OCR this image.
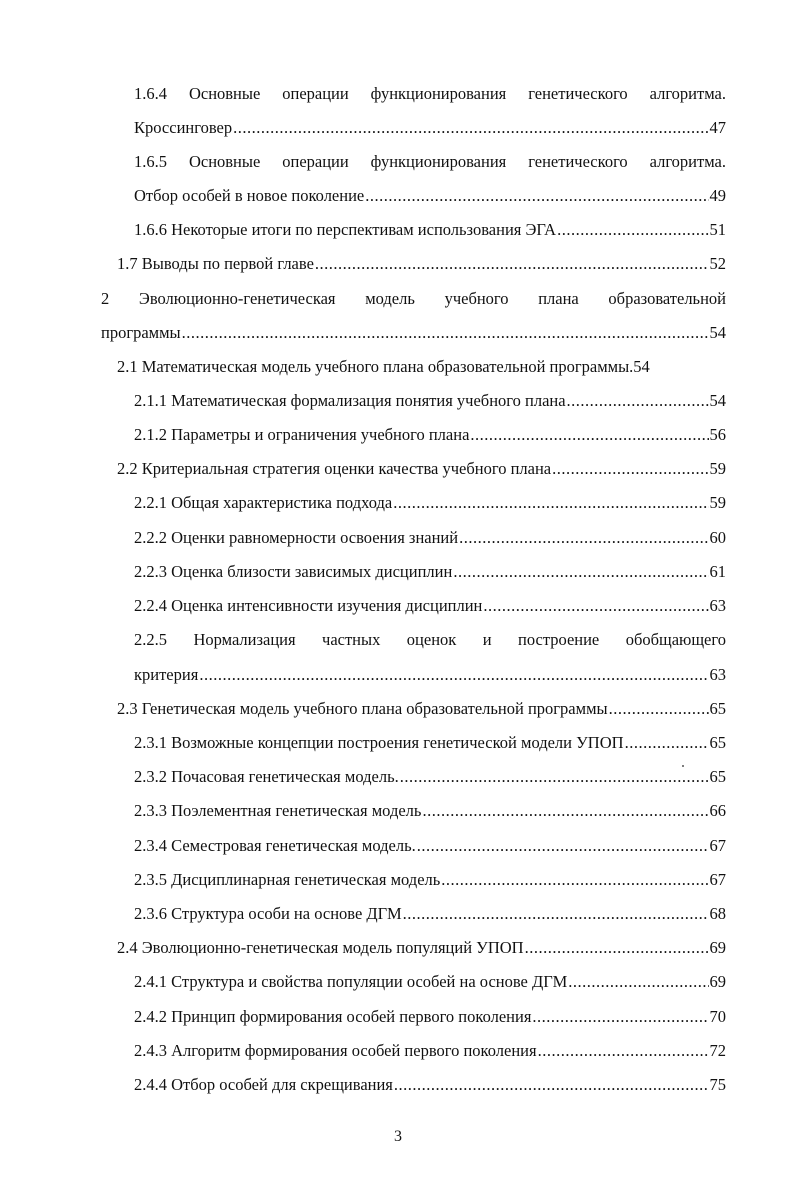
1.6.4 Основные операции функционирования генетического алгоритма.
Кроссинговер .....	47
1.6.5 Основные операции функционирования генетического алгоритма.
Отбор особей в новое поколение .....	49
1.6.6 Некоторые итоги по перспективам использования ЭГА .....	51
1.7 Выводы по первой главе .....	52
2 Эволюционно-генетическая модель учебного плана образовательной
программы .....	54
2.1 Математическая модель учебного плана образовательной программы. 54
2.1.1 Математическая формализация понятия учебного плана .....	54
2.1.2 Параметры и ограничения учебного плана .....	56
2.2 Критериальная стратегия оценки качества учебного плана .....	59
2.2.1 Общая характеристика подхода .....	59
2.2.2 Оценки равномерности освоения знаний .....	60
2.2.3 Оценка близости зависимых дисциплин .....	61
2.2.4 Оценка интенсивности изучения дисциплин .....	63
2.2.5 Нормализация частных оценок и построение обобщающего
критерия .....	63
2.3 Генетическая модель учебного плана образовательной программы .....	65
2.3.1 Возможные концепции построения генетической модели УПОП .....	65
2.3.2 Почасовая генетическая модель. .....	65
2.3.3 Поэлементная генетическая модель .....	66
2.3.4 Семестровая генетическая модель. .....	67
2.3.5 Дисциплинарная генетическая модель .....	67
2.3.6 Структура особи на основе ДГМ .....	68
2.4 Эволюционно-генетическая модель популяций УПОП .....	69
2.4.1 Структура и свойства популяции особей на основе ДГМ .....	69
2.4.2 Принцип формирования особей первого поколения .....	70
2.4.3 Алгоритм формирования особей первого поколения .....	72
2.4.4 Отбор особей для скрещивания .....	75
3
